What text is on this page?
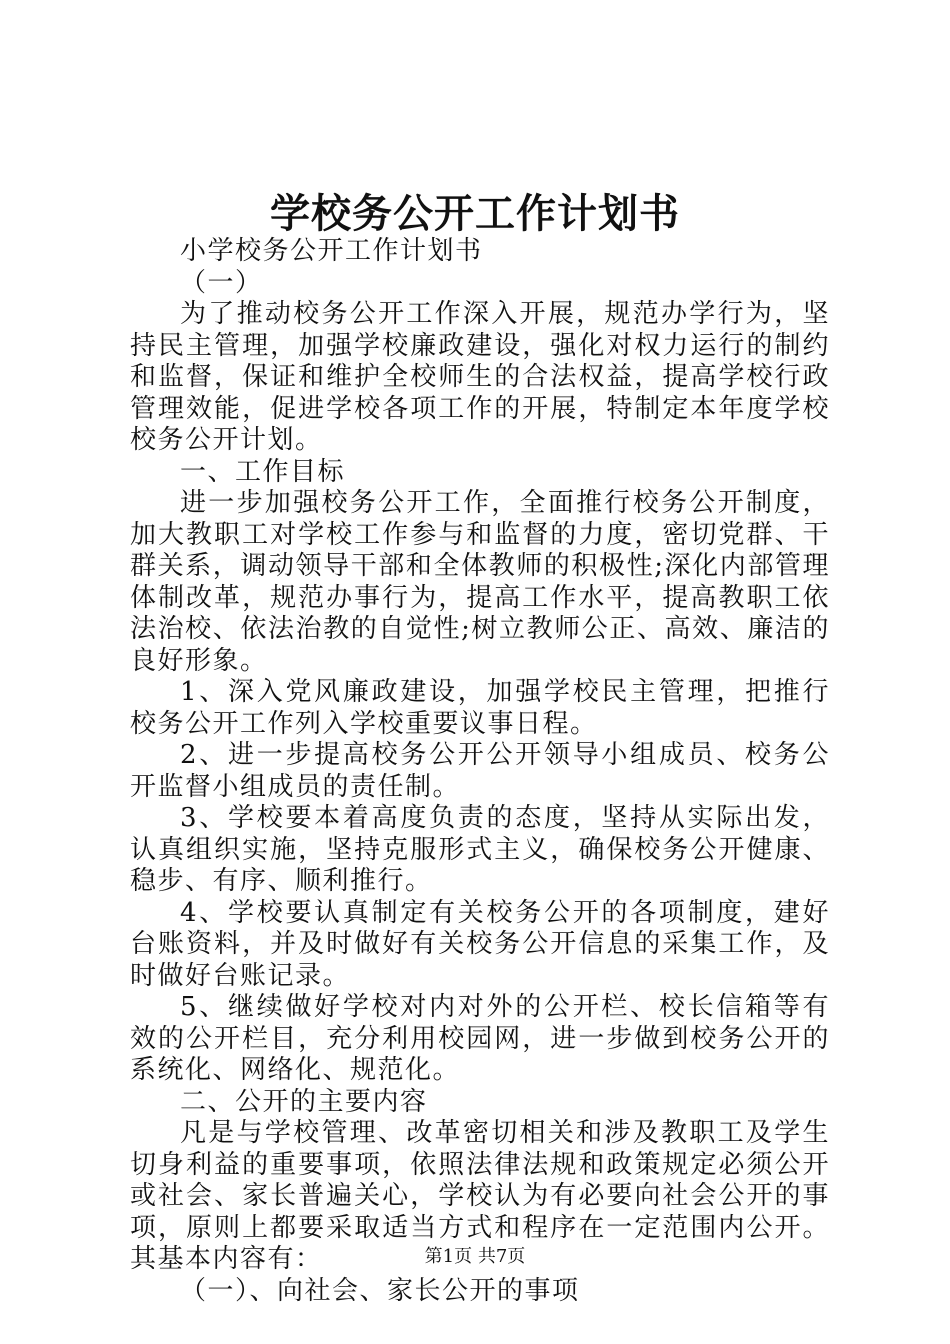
学校务公开工作计划书

小学校务公开工作计划书

（一）

为了推动校务公开工作深入开展，规范办学行为，坚持民主管理，加强学校廉政建设，强化对权力运行的制约和监督，保证和维护全校师生的合法权益，提高学校行政管理效能，促进学校各项工作的开展，特制定本年度学校校务公开计划。

一、工作目标

进一步加强校务公开工作，全面推行校务公开制度，加大教职工对学校工作参与和监督的力度，密切党群、干群关系，调动领导干部和全体教师的积极性;深化内部管理体制改革，规范办事行为，提高工作水平，提高教职工依法治校、依法治教的自觉性;树立教师公正、高效、廉洁的良好形象。

1、深入党风廉政建设，加强学校民主管理，把推行校务公开工作列入学校重要议事日程。

2、进一步提高校务公开公开领导小组成员、校务公开监督小组成员的责任制。

3、学校要本着高度负责的态度，坚持从实际出发，认真组织实施，坚持克服形式主义，确保校务公开健康、稳步、有序、顺利推行。

4、学校要认真制定有关校务公开的各项制度，建好台账资料，并及时做好有关校务公开信息的采集工作，及时做好台账记录。

5、继续做好学校对内对外的公开栏、校长信箱等有效的公开栏目，充分利用校园网，进一步做到校务公开的系统化、网络化、规范化。

二、公开的主要内容

凡是与学校管理、改革密切相关和涉及教职工及学生切身利益的重要事项，依照法律法规和政策规定必须公开或社会、家长普遍关心，学校认为有必要向社会公开的事项，原则上都要采取适当方式和程序在一定范围内公开。其基本内容有：

（一）、向社会、家长公开的事项

第1页 共7页
